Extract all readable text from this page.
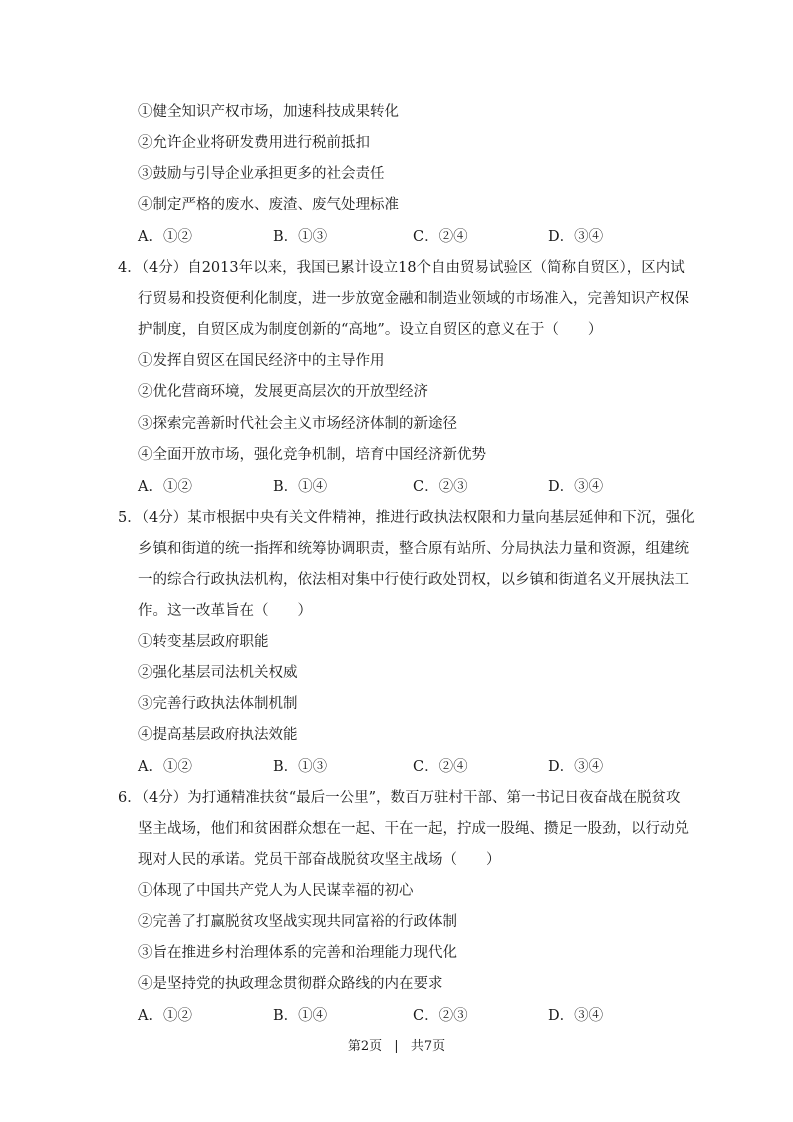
①健全知识产权市场，加速科技成果转化
②允许企业将研发费用进行税前抵扣
③鼓励与引导企业承担更多的社会责任
④制定严格的废水、废渣、废气处理标准
A．①②	B．①③	C．②④	D．③④
4．（4分）自2013年以来，我国已累计设立18个自由贸易试验区（简称自贸区），区内试
行贸易和投资便利化制度，进一步放宽金融和制造业领域的市场准入，完善知识产权保
护制度，自贸区成为制度创新的“高地”。设立自贸区的意义在于（　　）
①发挥自贸区在国民经济中的主导作用
②优化营商环境，发展更高层次的开放型经济
③探索完善新时代社会主义市场经济体制的新途径
④全面开放市场，强化竞争机制，培育中国经济新优势
A．①②	B．①④	C．②③	D．③④
5．（4分）某市根据中央有关文件精神，推进行政执法权限和力量向基层延伸和下沉，强化
乡镇和街道的统一指挥和统筹协调职责，整合原有站所、分局执法力量和资源，组建统
一的综合行政执法机构，依法相对集中行使行政处罚权，以乡镇和街道名义开展执法工
作。这一改革旨在（　　）
①转变基层政府职能
②强化基层司法机关权威
③完善行政执法体制机制
④提高基层政府执法效能
A．①②	B．①③	C．②④	D．③④
6．（4分）为打通精准扶贫“最后一公里”，数百万驻村干部、第一书记日夜奋战在脱贫攻
坚主战场，他们和贫困群众想在一起、干在一起，拧成一股绳、攒足一股劲，以行动兑
现对人民的承诺。党员干部奋战脱贫攻坚主战场（　　）
①体现了中国共产党人为人民谋幸福的初心
②完善了打赢脱贫攻坚战实现共同富裕的行政体制
③旨在推进乡村治理体系的完善和治理能力现代化
④是坚持党的执政理念贯彻群众路线的内在要求
A．①②	B．①④	C．②③	D．③④
第2页 | 共7页
